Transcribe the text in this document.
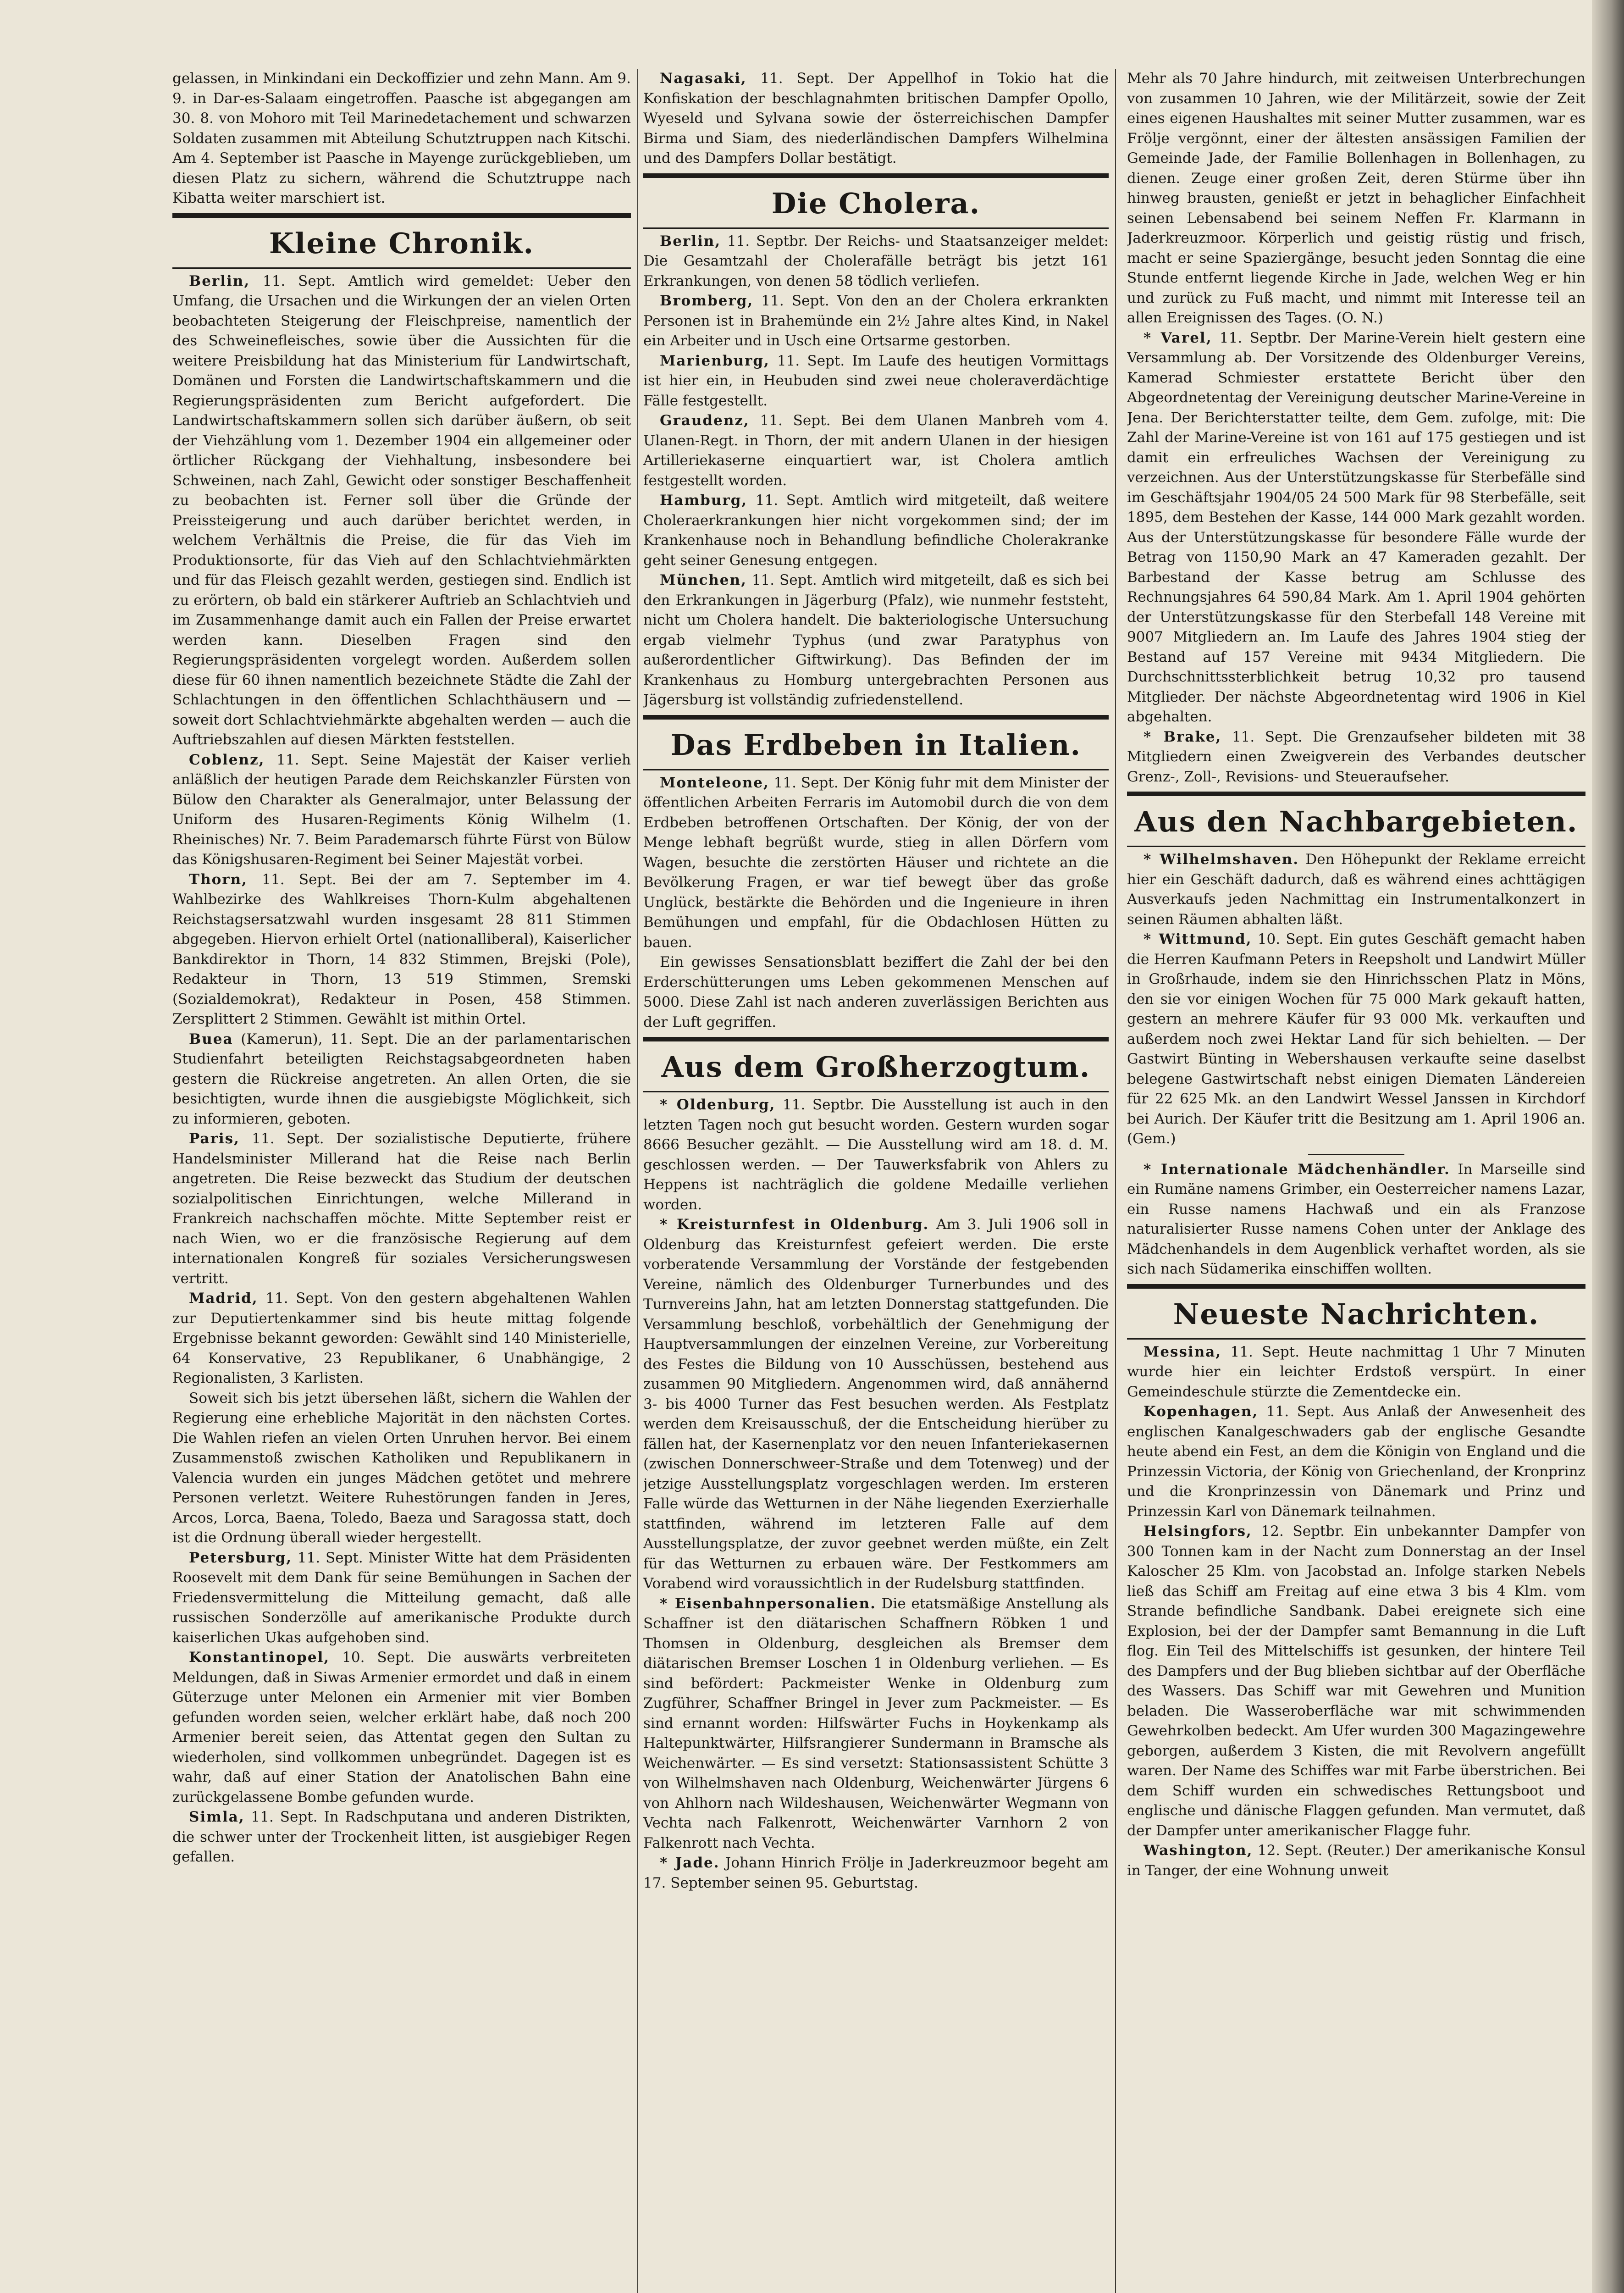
gelassen, in Minkindani ein Deckoffizier und zehn Mann. Am 9. 9. in Dar-es-Salaam eingetroffen. Paasche ist abgegangen am 30. 8. von Mohoro mit Teil Marinedetachement und schwarzen Soldaten zusammen mit Abteilung Schutztruppen nach Kitschi. Am 4. September ist Paasche in Mayenge zurückgeblieben, um diesen Platz zu sichern, während die Schutztruppe nach Kibatta weiter marschiert ist.

Kleine Chronik.

Berlin, 11. Sept. Amtlich wird gemeldet: Ueber den Umfang, die Ursachen und die Wirkungen der an vielen Orten beobachteten Steigerung der Fleischpreise, namentlich der des Schweinefleisches, sowie über die Aussichten für die weitere Preisbildung hat das Ministerium für Landwirtschaft, Domänen und Forsten die Landwirtschaftskammern und die Regierungspräsidenten zum Bericht aufgefordert. Die Landwirtschaftskammern sollen sich darüber äußern, ob seit der Viehzählung vom 1. Dezember 1904 ein allgemeiner oder örtlicher Rückgang der Viehhaltung, insbesondere bei Schweinen, nach Zahl, Gewicht oder sonstiger Beschaffenheit zu beobachten ist. Ferner soll über die Gründe der Preissteigerung und auch darüber berichtet werden, in welchem Verhältnis die Preise, die für das Vieh im Produktionsorte, für das Vieh auf den Schlachtviehmärkten und für das Fleisch gezahlt werden, gestiegen sind. Endlich ist zu erörtern, ob bald ein stärkerer Auftrieb an Schlachtvieh und im Zusammenhange damit auch ein Fallen der Preise erwartet werden kann. Dieselben Fragen sind den Regierungspräsidenten vorgelegt worden. Außerdem sollen diese für 60 ihnen namentlich bezeichnete Städte die Zahl der Schlachtungen in den öffentlichen Schlachthäusern und — soweit dort Schlachtviehmärkte abgehalten werden — auch die Auftriebszahlen auf diesen Märkten feststellen.

Coblenz, 11. Sept. Seine Majestät der Kaiser verlieh anläßlich der heutigen Parade dem Reichskanzler Fürsten von Bülow den Charakter als Generalmajor, unter Belassung der Uniform des Husaren-Regiments König Wilhelm (1. Rheinisches) Nr. 7. Beim Parademarsch führte Fürst von Bülow das Königshusaren-Regiment bei Seiner Majestät vorbei.

Thorn, 11. Sept. Bei der am 7. September im 4. Wahlbezirke des Wahlkreises Thorn-Kulm abgehaltenen Reichstagsersatzwahl wurden insgesamt 28 811 Stimmen abgegeben. Hiervon erhielt Ortel (nationalliberal), Kaiserlicher Bankdirektor in Thorn, 14 832 Stimmen, Brejski (Pole), Redakteur in Thorn, 13 519 Stimmen, Sremski (Sozialdemokrat), Redakteur in Posen, 458 Stimmen. Zersplittert 2 Stimmen. Gewählt ist mithin Ortel.

Buea (Kamerun), 11. Sept. Die an der parlamentarischen Studienfahrt beteiligten Reichstagsabgeordneten haben gestern die Rückreise angetreten. An allen Orten, die sie besichtigten, wurde ihnen die ausgiebigste Möglichkeit, sich zu informieren, geboten.

Paris, 11. Sept. Der sozialistische Deputierte, frühere Handelsminister Millerand hat die Reise nach Berlin angetreten. Die Reise bezweckt das Studium der deutschen sozialpolitischen Einrichtungen, welche Millerand in Frankreich nachschaffen möchte. Mitte September reist er nach Wien, wo er die französische Regierung auf dem internationalen Kongreß für soziales Versicherungswesen vertritt.

Madrid, 11. Sept. Von den gestern abgehaltenen Wahlen zur Deputiertenkammer sind bis heute mittag folgende Ergebnisse bekannt geworden: Gewählt sind 140 Ministerielle, 64 Konservative, 23 Republikaner, 6 Unabhängige, 2 Regionalisten, 3 Karlisten.

Soweit sich bis jetzt übersehen läßt, sichern die Wahlen der Regierung eine erhebliche Majorität in den nächsten Cortes. Die Wahlen riefen an vielen Orten Unruhen hervor. Bei einem Zusammenstoß zwischen Katholiken und Republikanern in Valencia wurden ein junges Mädchen getötet und mehrere Personen verletzt. Weitere Ruhestörungen fanden in Jeres, Arcos, Lorca, Baena, Toledo, Baeza und Saragossa statt, doch ist die Ordnung überall wieder hergestellt.

Petersburg, 11. Sept. Minister Witte hat dem Präsidenten Roosevelt mit dem Dank für seine Bemühungen in Sachen der Friedensvermittelung die Mitteilung gemacht, daß alle russischen Sonderzölle auf amerikanische Produkte durch kaiserlichen Ukas aufgehoben sind.

Konstantinopel, 10. Sept. Die auswärts verbreiteten Meldungen, daß in Siwas Armenier ermordet und daß in einem Güterzuge unter Melonen ein Armenier mit vier Bomben gefunden worden seien, welcher erklärt habe, daß noch 200 Armenier bereit seien, das Attentat gegen den Sultan zu wiederholen, sind vollkommen unbegründet. Dagegen ist es wahr, daß auf einer Station der Anatolischen Bahn eine zurückgelassene Bombe gefunden wurde.

Simla, 11. Sept. In Radschputana und anderen Distrikten, die schwer unter der Trockenheit litten, ist ausgiebiger Regen gefallen.

Nagasaki, 11. Sept. Der Appellhof in Tokio hat die Konfiskation der beschlagnahmten britischen Dampfer Opollo, Wyeseld und Sylvana sowie der österreichischen Dampfer Birma und Siam, des niederländischen Dampfers Wilhelmina und des Dampfers Dollar bestätigt.

Die Cholera.

Berlin, 11. Septbr. Der Reichs- und Staatsanzeiger meldet: Die Gesamtzahl der Cholerafälle beträgt bis jetzt 161 Erkrankungen, von denen 58 tödlich verliefen.

Bromberg, 11. Sept. Von den an der Cholera erkrankten Personen ist in Brahemünde ein 2½ Jahre altes Kind, in Nakel ein Arbeiter und in Usch eine Ortsarme gestorben.

Marienburg, 11. Sept. Im Laufe des heutigen Vormittags ist hier ein, in Heubuden sind zwei neue choleraverdächtige Fälle festgestellt.

Graudenz, 11. Sept. Bei dem Ulanen Manbreh vom 4. Ulanen-Regt. in Thorn, der mit andern Ulanen in der hiesigen Artilleriekaserne einquartiert war, ist Cholera amtlich festgestellt worden.

Hamburg, 11. Sept. Amtlich wird mitgeteilt, daß weitere Choleraerkrankungen hier nicht vorgekommen sind; der im Krankenhause noch in Behandlung befindliche Cholerakranke geht seiner Genesung entgegen.

München, 11. Sept. Amtlich wird mitgeteilt, daß es sich bei den Erkrankungen in Jägerburg (Pfalz), wie nunmehr feststeht, nicht um Cholera handelt. Die bakteriologische Untersuchung ergab vielmehr Typhus (und zwar Paratyphus von außerordentlicher Giftwirkung). Das Befinden der im Krankenhaus zu Homburg untergebrachten Personen aus Jägersburg ist vollständig zufriedenstellend.

Das Erdbeben in Italien.

Monteleone, 11. Sept. Der König fuhr mit dem Minister der öffentlichen Arbeiten Ferraris im Automobil durch die von dem Erdbeben betroffenen Ortschaften. Der König, der von der Menge lebhaft begrüßt wurde, stieg in allen Dörfern vom Wagen, besuchte die zerstörten Häuser und richtete an die Bevölkerung Fragen, er war tief bewegt über das große Unglück, bestärkte die Behörden und die Ingenieure in ihren Bemühungen und empfahl, für die Obdachlosen Hütten zu bauen.

Ein gewisses Sensationsblatt beziffert die Zahl der bei den Erderschütterungen ums Leben gekommenen Menschen auf 5000. Diese Zahl ist nach anderen zuverlässigen Berichten aus der Luft gegriffen.

Aus dem Großherzogtum.

* Oldenburg, 11. Septbr. Die Ausstellung ist auch in den letzten Tagen noch gut besucht worden. Gestern wurden sogar 8666 Besucher gezählt. — Die Ausstellung wird am 18. d. M. geschlossen werden. — Der Tauwerksfabrik von Ahlers zu Heppens ist nachträglich die goldene Medaille verliehen worden.

* Kreisturnfest in Oldenburg. Am 3. Juli 1906 soll in Oldenburg das Kreisturnfest gefeiert werden. Die erste vorberatende Versammlung der Vorstände der festgebenden Vereine, nämlich des Oldenburger Turnerbundes und des Turnvereins Jahn, hat am letzten Donnerstag stattgefunden. Die Versammlung beschloß, vorbehältlich der Genehmigung der Hauptversammlungen der einzelnen Vereine, zur Vorbereitung des Festes die Bildung von 10 Ausschüssen, bestehend aus zusammen 90 Mitgliedern. Angenommen wird, daß annähernd 3- bis 4000 Turner das Fest besuchen werden. Als Festplatz werden dem Kreisausschuß, der die Entscheidung hierüber zu fällen hat, der Kasernenplatz vor den neuen Infanteriekasernen (zwischen Donnerschweer-Straße und dem Totenweg) und der jetzige Ausstellungsplatz vorgeschlagen werden. Im ersteren Falle würde das Wetturnen in der Nähe liegenden Exerzierhalle stattfinden, während im letzteren Falle auf dem Ausstellungsplatze, der zuvor geebnet werden müßte, ein Zelt für das Wetturnen zu erbauen wäre. Der Festkommers am Vorabend wird voraussichtlich in der Rudelsburg stattfinden.

* Eisenbahnpersonalien. Die etatsmäßige Anstellung als Schaffner ist den diätarischen Schaffnern Röbken 1 und Thomsen in Oldenburg, desgleichen als Bremser dem diätarischen Bremser Loschen 1 in Oldenburg verliehen. — Es sind befördert: Packmeister Wenke in Oldenburg zum Zugführer, Schaffner Bringel in Jever zum Packmeister. — Es sind ernannt worden: Hilfswärter Fuchs in Hoykenkamp als Haltepunktwärter, Hilfsrangierer Sundermann in Bramsche als Weichenwärter. — Es sind versetzt: Stationsassistent Schütte 3 von Wilhelmshaven nach Oldenburg, Weichenwärter Jürgens 6 von Ahlhorn nach Wildeshausen, Weichenwärter Wegmann von Vechta nach Falkenrott, Weichenwärter Varnhorn 2 von Falkenrott nach Vechta.

* Jade. Johann Hinrich Frölje in Jaderkreuzmoor begeht am 17. September seinen 95. Geburtstag.

Mehr als 70 Jahre hindurch, mit zeitweisen Unterbrechungen von zusammen 10 Jahren, wie der Militärzeit, sowie der Zeit eines eigenen Haushaltes mit seiner Mutter zusammen, war es Frölje vergönnt, einer der ältesten ansässigen Familien der Gemeinde Jade, der Familie Bollenhagen in Bollenhagen, zu dienen. Zeuge einer großen Zeit, deren Stürme über ihn hinweg brausten, genießt er jetzt in behaglicher Einfachheit seinen Lebensabend bei seinem Neffen Fr. Klarmann in Jaderkreuzmoor. Körperlich und geistig rüstig und frisch, macht er seine Spaziergänge, besucht jeden Sonntag die eine Stunde entfernt liegende Kirche in Jade, welchen Weg er hin und zurück zu Fuß macht, und nimmt mit Interesse teil an allen Ereignissen des Tages. (O. N.)

* Varel, 11. Septbr. Der Marine-Verein hielt gestern eine Versammlung ab. Der Vorsitzende des Oldenburger Vereins, Kamerad Schmiester erstattete Bericht über den Abgeordnetentag der Vereinigung deutscher Marine-Vereine in Jena. Der Berichterstatter teilte, dem Gem. zufolge, mit: Die Zahl der Marine-Vereine ist von 161 auf 175 gestiegen und ist damit ein erfreuliches Wachsen der Vereinigung zu verzeichnen. Aus der Unterstützungskasse für Sterbefälle sind im Geschäftsjahr 1904/05 24 500 Mark für 98 Sterbefälle, seit 1895, dem Bestehen der Kasse, 144 000 Mark gezahlt worden. Aus der Unterstützungskasse für besondere Fälle wurde der Betrag von 1150,90 Mark an 47 Kameraden gezahlt. Der Barbestand der Kasse betrug am Schlusse des Rechnungsjahres 64 590,84 Mark. Am 1. April 1904 gehörten der Unterstützungskasse für den Sterbefall 148 Vereine mit 9007 Mitgliedern an. Im Laufe des Jahres 1904 stieg der Bestand auf 157 Vereine mit 9434 Mitgliedern. Die Durchschnittssterblichkeit betrug 10,32 pro tausend Mitglieder. Der nächste Abgeordnetentag wird 1906 in Kiel abgehalten.

* Brake, 11. Sept. Die Grenzaufseher bildeten mit 38 Mitgliedern einen Zweigverein des Verbandes deutscher Grenz-, Zoll-, Revisions- und Steueraufseher.

Aus den Nachbargebieten.

* Wilhelmshaven. Den Höhepunkt der Reklame erreicht hier ein Geschäft dadurch, daß es während eines achttägigen Ausverkaufs jeden Nachmittag ein Instrumentalkonzert in seinen Räumen abhalten läßt.

* Wittmund, 10. Sept. Ein gutes Geschäft gemacht haben die Herren Kaufmann Peters in Reepsholt und Landwirt Müller in Großrhaude, indem sie den Hinrichsschen Platz in Möns, den sie vor einigen Wochen für 75 000 Mark gekauft hatten, gestern an mehrere Käufer für 93 000 Mk. verkauften und außerdem noch zwei Hektar Land für sich behielten. — Der Gastwirt Bünting in Webershausen verkaufte seine daselbst belegene Gastwirtschaft nebst einigen Diematen Ländereien für 22 625 Mk. an den Landwirt Wessel Janssen in Kirchdorf bei Aurich. Der Käufer tritt die Besitzung am 1. April 1906 an. (Gem.)

* Internationale Mädchenhändler. In Marseille sind ein Rumäne namens Grimber, ein Oesterreicher namens Lazar, ein Russe namens Hachwaß und ein als Franzose naturalisierter Russe namens Cohen unter der Anklage des Mädchenhandels in dem Augenblick verhaftet worden, als sie sich nach Südamerika einschiffen wollten.

Neueste Nachrichten.

Messina, 11. Sept. Heute nachmittag 1 Uhr 7 Minuten wurde hier ein leichter Erdstoß verspürt. In einer Gemeindeschule stürzte die Zementdecke ein.

Kopenhagen, 11. Sept. Aus Anlaß der Anwesenheit des englischen Kanalgeschwaders gab der englische Gesandte heute abend ein Fest, an dem die Königin von England und die Prinzessin Victoria, der König von Griechenland, der Kronprinz und die Kronprinzessin von Dänemark und Prinz und Prinzessin Karl von Dänemark teilnahmen.

Helsingfors, 12. Septbr. Ein unbekannter Dampfer von 300 Tonnen kam in der Nacht zum Donnerstag an der Insel Kaloscher 25 Klm. von Jacobstad an. Infolge starken Nebels ließ das Schiff am Freitag auf eine etwa 3 bis 4 Klm. vom Strande befindliche Sandbank. Dabei ereignete sich eine Explosion, bei der der Dampfer samt Bemannung in die Luft flog. Ein Teil des Mittelschiffs ist gesunken, der hintere Teil des Dampfers und der Bug blieben sichtbar auf der Oberfläche des Wassers. Das Schiff war mit Gewehren und Munition beladen. Die Wasseroberfläche war mit schwimmenden Gewehrkolben bedeckt. Am Ufer wurden 300 Magazingewehre geborgen, außerdem 3 Kisten, die mit Revolvern angefüllt waren. Der Name des Schiffes war mit Farbe überstrichen. Bei dem Schiff wurden ein schwedisches Rettungsboot und englische und dänische Flaggen gefunden. Man vermutet, daß der Dampfer unter amerikanischer Flagge fuhr.

Washington, 12. Sept. (Reuter.) Der amerikanische Konsul in Tanger, der eine Wohnung unweit
